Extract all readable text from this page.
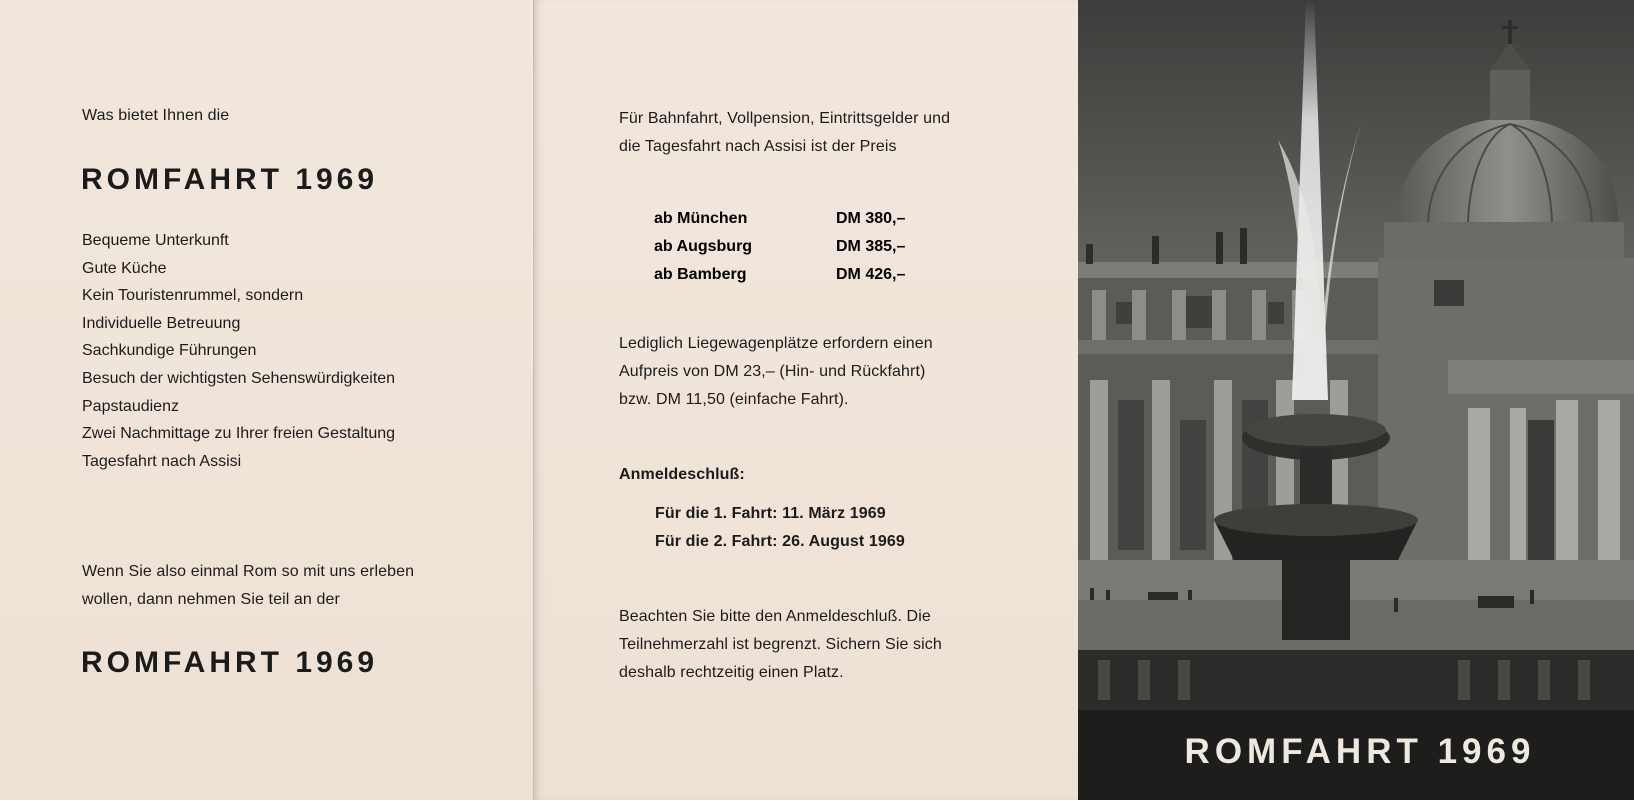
Was bietet Ihnen die

ROMFAHRT 1969
Bequeme Unterkunft
Gute Küche
Kein Touristenrummel, sondern
Individuelle Betreuung
Sachkundige Führungen
Besuch der wichtigsten Sehenswürdigkeiten
Papstaudienz
Zwei Nachmittage zu Ihrer freien Gestaltung
Tagesfahrt nach Assisi

Wenn Sie also einmal Rom so mit uns erleben

wollen, dann nehmen Sie teil an der

ROMFAHRT 1969

Für Bahnfahrt, Vollpension, Eintrittsgelder und

die Tagesfahrt nach Assisi ist der Preis

Lediglich Liegewagenplätze erfordern einen

Aufpreis von DM 23,– (Hin- und Rückfahrt)

bzw. DM 11,50 (einfache Fahrt).

Anmeldeschluß:

Für die 1. Fahrt: 11. März 1969

Für die 2. Fahrt: 26. August 1969

Beachten Sie bitte den Anmeldeschluß. Die

Teilnehmerzahl ist begrenzt. Sichern Sie sich

deshalb rechtzeitig einen Platz.

ab München	DM 380,–
ab Augsburg	DM 385,–
ab Bamberg	DM 426,–
ROMFAHRT 1969
